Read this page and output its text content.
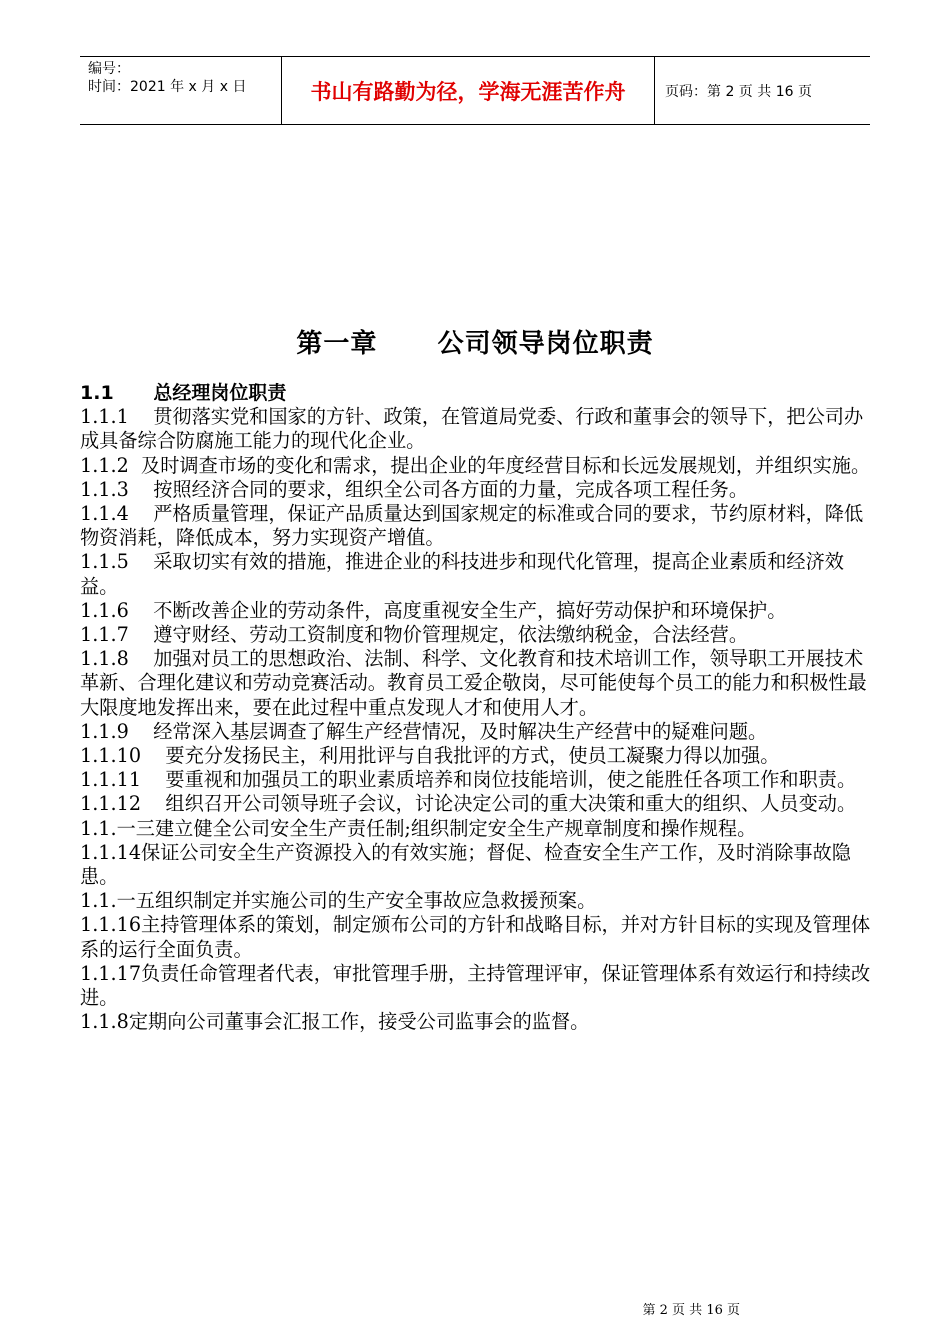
编号：
时间：2021 年 x 月 x 日	书山有路勤为径，学海无涯苦作舟	页码：第 2 页 共 16 页
第一章      公司领导岗位职责
1.1      总经理岗位职责

1.1.1    贯彻落实党和国家的方针、政策，在管道局党委、行政和董事会的领导下，把公司办成具备综合防腐施工能力的现代化企业。

1.1.2  及时调查市场的变化和需求，提出企业的年度经营目标和长远发展规划，并组织实施。

1.1.3    按照经济合同的要求，组织全公司各方面的力量，完成各项工程任务。

1.1.4    严格质量管理，保证产品质量达到国家规定的标准或合同的要求，节约原材料，降低物资消耗，降低成本，努力实现资产增值。

1.1.5    采取切实有效的措施，推进企业的科技进步和现代化管理，提高企业素质和经济效益。

1.1.6    不断改善企业的劳动条件，高度重视安全生产，搞好劳动保护和环境保护。

1.1.7    遵守财经、劳动工资制度和物价管理规定，依法缴纳税金，合法经营。

1.1.8    加强对员工的思想政治、法制、科学、文化教育和技术培训工作，领导职工开展技术革新、合理化建议和劳动竞赛活动。教育员工爱企敬岗，尽可能使每个员工的能力和积极性最大限度地发挥出来，要在此过程中重点发现人才和使用人才。

1.1.9    经常深入基层调查了解生产经营情况，及时解决生产经营中的疑难问题。

1.1.10    要充分发扬民主，利用批评与自我批评的方式，使员工凝聚力得以加强。

1.1.11    要重视和加强员工的职业素质培养和岗位技能培训，使之能胜任各项工作和职责。

1.1.12    组织召开公司领导班子会议，讨论决定公司的重大决策和重大的组织、人员变动。

1.1.一三建立健全公司安全生产责任制;组织制定安全生产规章制度和操作规程。

1.1.14保证公司安全生产资源投入的有效实施；督促、检查安全生产工作，及时消除事故隐患。

1.1.一五组织制定并实施公司的生产安全事故应急救援预案。

1.1.16主持管理体系的策划，制定颁布公司的方针和战略目标，并对方针目标的实现及管理体系的运行全面负责。

1.1.17负责任命管理者代表，审批管理手册，主持管理评审，保证管理体系有效运行和持续改进。

1.1.8定期向公司董事会汇报工作，接受公司监事会的监督。

第 2 页 共 16 页
